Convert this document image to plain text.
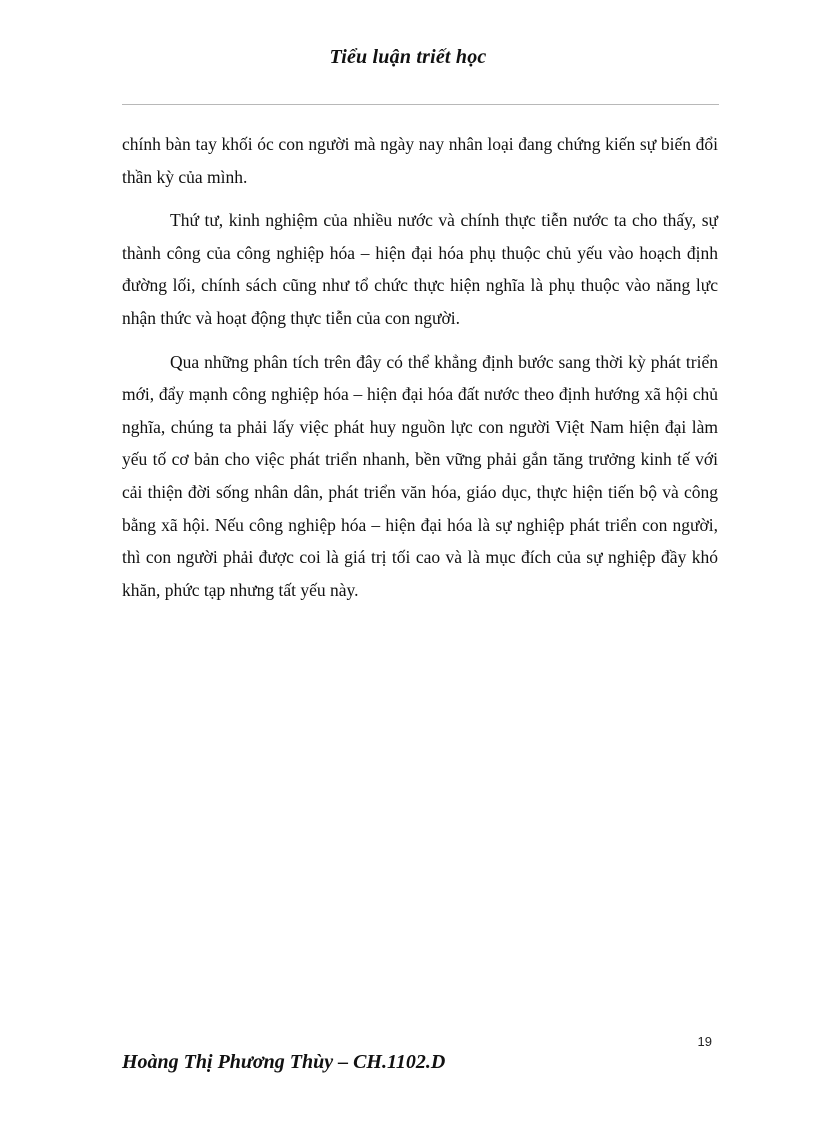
Tiểu luận triết học

chính bàn tay khối óc con người mà ngày nay nhân loại đang chứng kiến sự biến đổi thần kỳ của mình.

Thứ tư, kinh nghiệm của nhiều nước và chính thực tiễn nước ta cho thấy, sự thành công của công nghiệp hóa – hiện đại hóa phụ thuộc chủ yếu vào hoạch định đường lối, chính sách cũng như tổ chức thực hiện nghĩa là phụ thuộc vào năng lực nhận thức và hoạt động thực tiễn của con người.

Qua những phân tích trên đây có thể khẳng định bước sang thời kỳ phát triển mới, đẩy mạnh công nghiệp hóa – hiện đại hóa đất nước theo định hướng xã hội chủ nghĩa, chúng ta phải lấy việc phát huy nguồn lực con người Việt Nam hiện đại làm yếu tố cơ bản cho việc phát triển nhanh, bền vững phải gắn tăng trưởng kinh tế với cải thiện đời sống nhân dân, phát triển văn hóa, giáo dục, thực hiện tiến bộ và công bằng xã hội. Nếu công nghiệp hóa – hiện đại hóa là sự nghiệp phát triển con người, thì con người phải được coi là giá trị tối cao và là mục đích của sự nghiệp đầy khó khăn, phức tạp nhưng tất yếu này.

19
Hoàng Thị Phương Thùy – CH.1102.D
